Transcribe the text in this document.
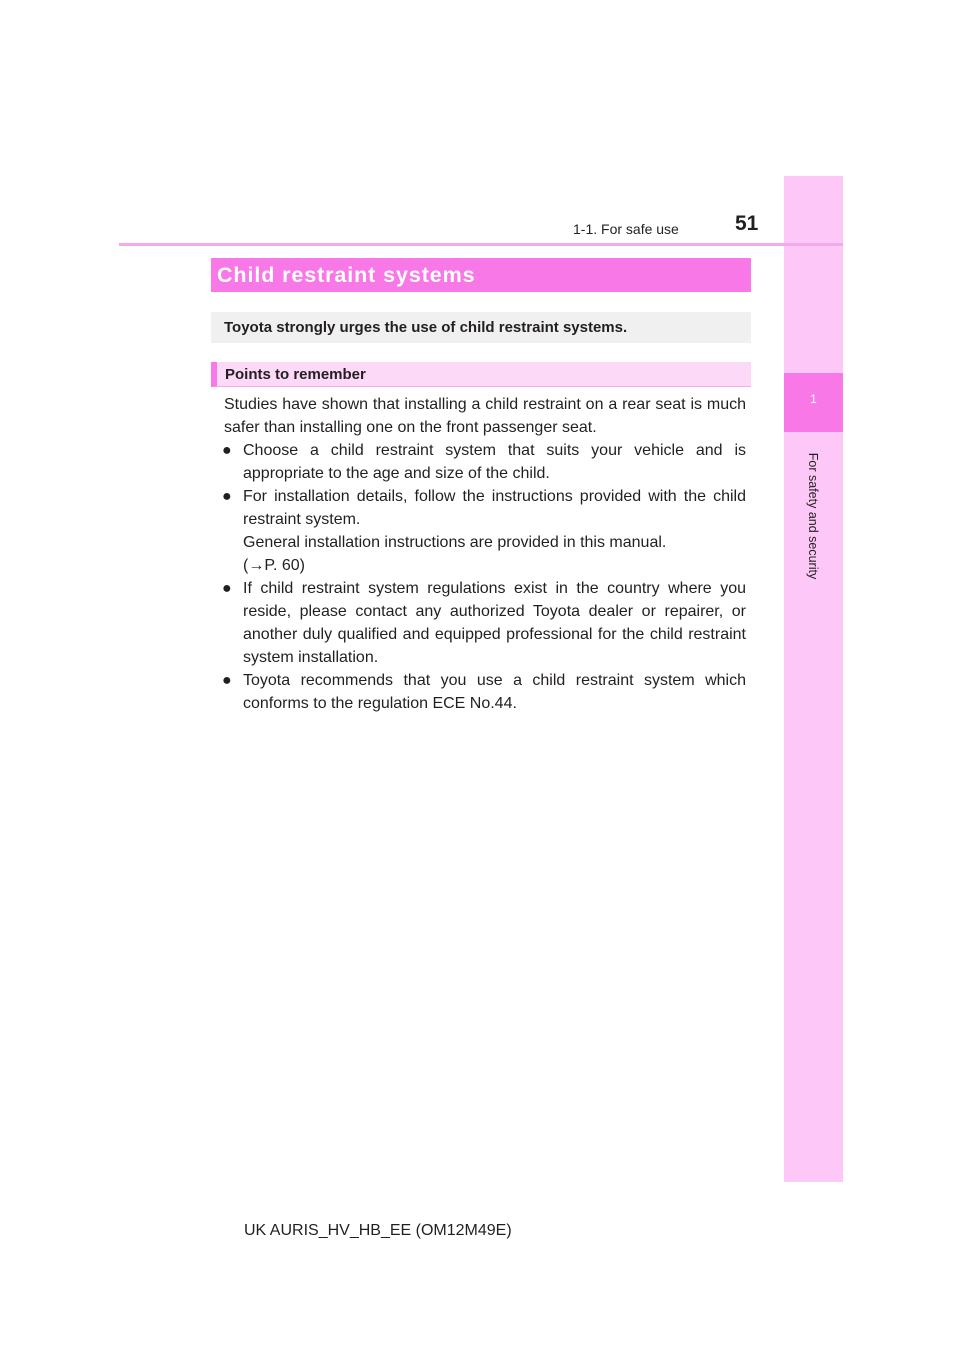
1
For safety and security
1-1. For safe use	51
Child restraint systems
Toyota strongly urges the use of child restraint systems.
Points to remember
Studies have shown that installing a child restraint on a rear seat is much safer than installing one on the front passenger seat.
● Choose a child restraint system that suits your vehicle and is appropriate to the age and size of the child.
● For installation details, follow the instructions provided with the child restraint system.
General installation instructions are provided in this manual.
(→P. 60)
● If child restraint system regulations exist in the country where you reside, please contact any authorized Toyota dealer or repairer, or another duly qualified and equipped professional for the child restraint system installation.
● Toyota recommends that you use a child restraint system which conforms to the regulation ECE No.44.
UK AURIS_HV_HB_EE (OM12M49E)
